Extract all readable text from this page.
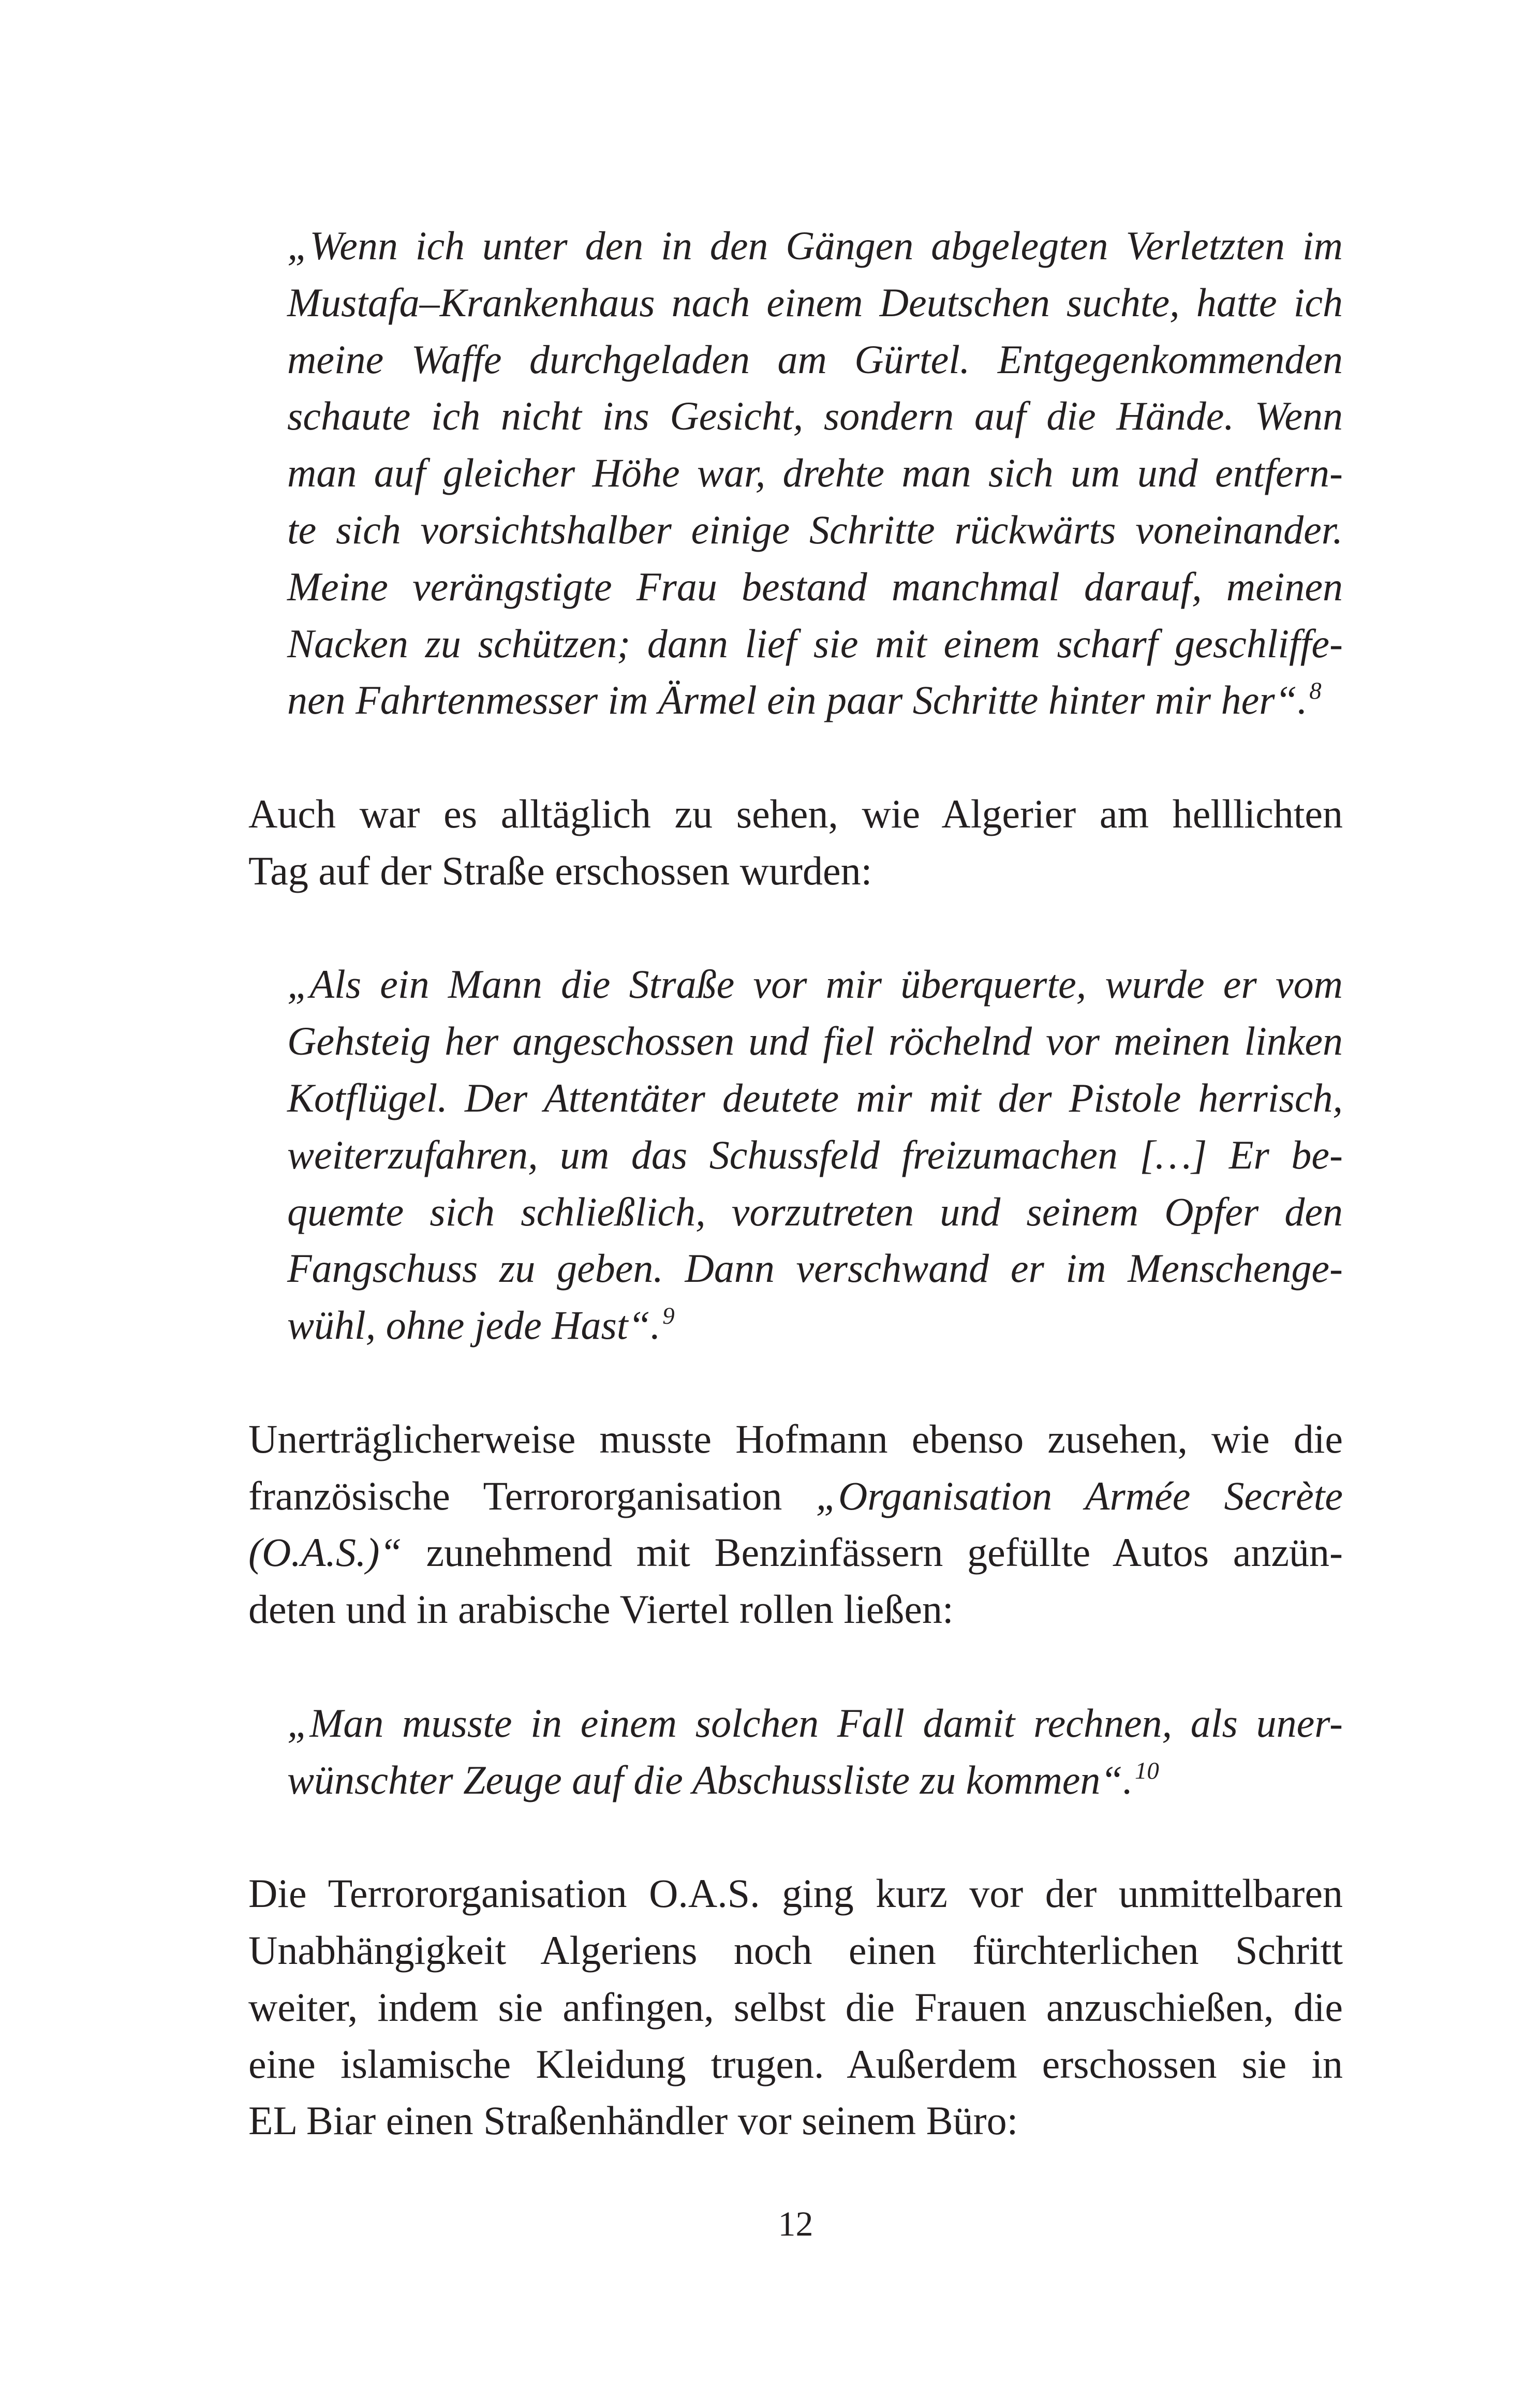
„Wenn ich unter den in den Gängen abgelegten Verletzten im
Mustafa–Krankenhaus nach einem Deutschen suchte, hatte ich
meine Waffe durchgeladen am Gürtel. Entgegenkommenden
schaute ich nicht ins Gesicht, sondern auf die Hände. Wenn
man auf gleicher Höhe war, drehte man sich um und entfern-
te sich vorsichtshalber einige Schritte rückwärts voneinander.
Meine verängstigte Frau bestand manchmal darauf, meinen
Nacken zu schützen; dann lief sie mit einem scharf geschliffe-
nen Fahrtenmesser im Ärmel ein paar Schritte hinter mir her“.$^8$
Auch war es alltäglich zu sehen, wie Algerier am helllichten
Tag auf der Straße erschossen wurden:
„Als ein Mann die Straße vor mir überquerte, wurde er vom
Gehsteig her angeschossen und fiel röchelnd vor meinen linken
Kotflügel. Der Attentäter deutete mir mit der Pistole herrisch,
weiterzufahren, um das Schussfeld freizumachen […] Er be-
quemte sich schließlich, vorzutreten und seinem Opfer den
Fangschuss zu geben. Dann verschwand er im Menschenge-
wühl, ohne jede Hast“.$^9$
Unerträglicherweise musste Hofmann ebenso zusehen, wie die
französische Terrororganisation „Organisation Armée Secrète
(O.A.S.)“ zunehmend mit Benzinfässern gefüllte Autos anzün-
deten und in arabische Viertel rollen ließen:
„Man musste in einem solchen Fall damit rechnen, als uner-
wünschter Zeuge auf die Abschussliste zu kommen“.$^{10}$
Die Terrororganisation O.A.S. ging kurz vor der unmittelbaren
Unabhängigkeit Algeriens noch einen fürchterlichen Schritt
weiter, indem sie anfingen, selbst die Frauen anzuschießen, die
eine islamische Kleidung trugen. Außerdem erschossen sie in
EL Biar einen Straßenhändler vor seinem Büro:
12
